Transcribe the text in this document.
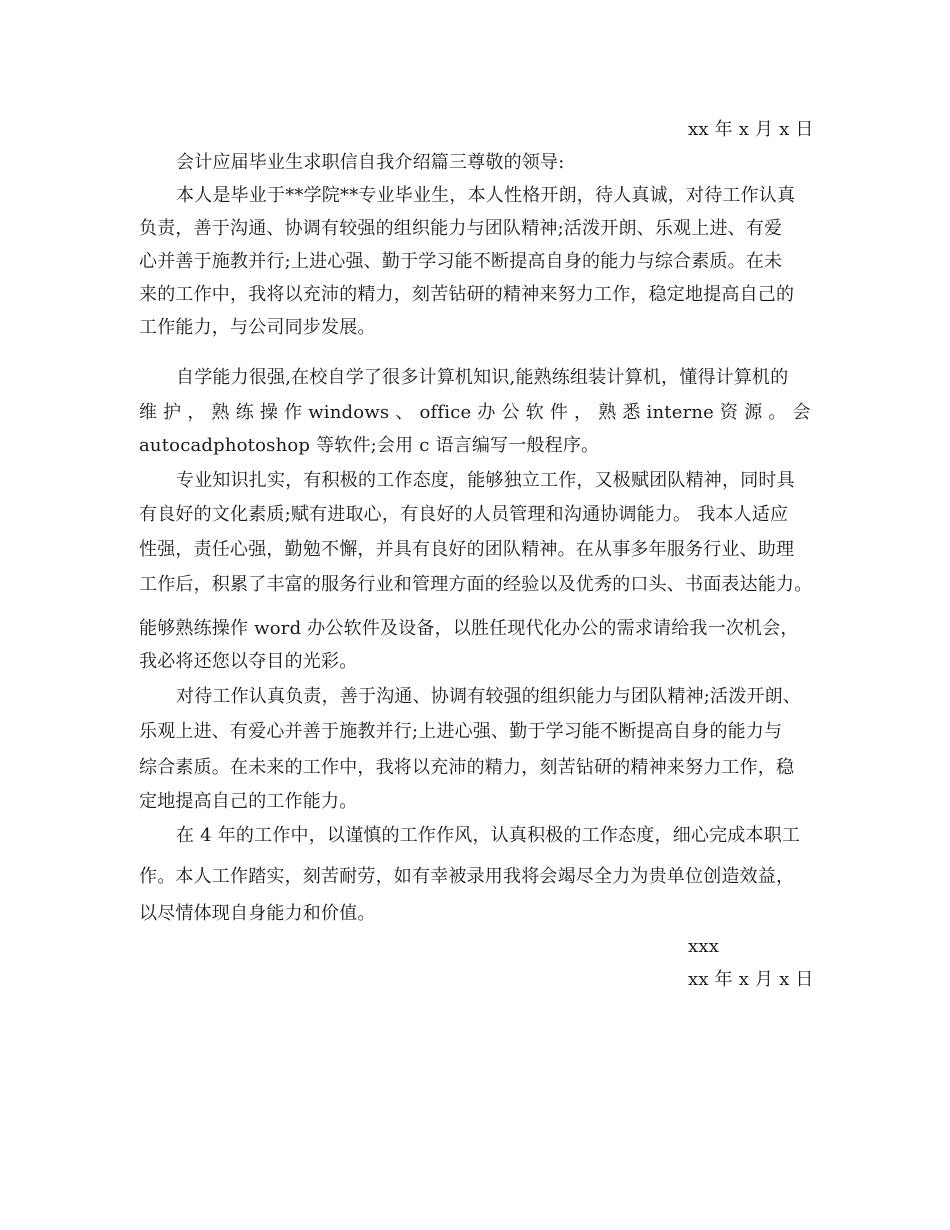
xx 年 x 月 x 日
会计应届毕业生求职信自我介绍篇三尊敬的领导:
本人是毕业于**学院**专业毕业生，本人性格开朗，待人真诚，对待工作认真
负责，善于沟通、协调有较强的组织能力与团队精神;活泼开朗、乐观上进、有爱
心并善于施教并行;上进心强、勤于学习能不断提高自身的能力与综合素质。在未
来的工作中，我将以充沛的精力，刻苦钻研的精神来努力工作，稳定地提高自己的
工作能力，与公司同步发展。
自学能力很强,在校自学了很多计算机知识,能熟练组装计算机，懂得计算机的
维 护 ， 熟 练 操 作 windows 、 office 办 公 软 件 ， 熟 悉 interne 资 源 。 会
autocadphotoshop 等软件;会用 c 语言编写一般程序。
专业知识扎实，有积极的工作态度，能够独立工作，又极赋团队精神，同时具
有良好的文化素质;赋有进取心，有良好的人员管理和沟通协调能力。 我本人适应
性强，责任心强，勤勉不懈，并具有良好的团队精神。在从事多年服务行业、助理
工作后，积累了丰富的服务行业和管理方面的经验以及优秀的口头、书面表达能力。
能够熟练操作 word 办公软件及设备，以胜任现代化办公的需求请给我一次机会，
我必将还您以夺目的光彩。
对待工作认真负责，善于沟通、协调有较强的组织能力与团队精神;活泼开朗、
乐观上进、有爱心并善于施教并行;上进心强、勤于学习能不断提高自身的能力与
综合素质。在未来的工作中，我将以充沛的精力，刻苦钻研的精神来努力工作，稳
定地提高自己的工作能力。
在 4 年的工作中，以谨慎的工作作风，认真积极的工作态度，细心完成本职工
作。本人工作踏实，刻苦耐劳，如有幸被录用我将会竭尽全力为贵单位创造效益，
以尽情体现自身能力和价值。
xxx
xx 年 x 月 x 日
